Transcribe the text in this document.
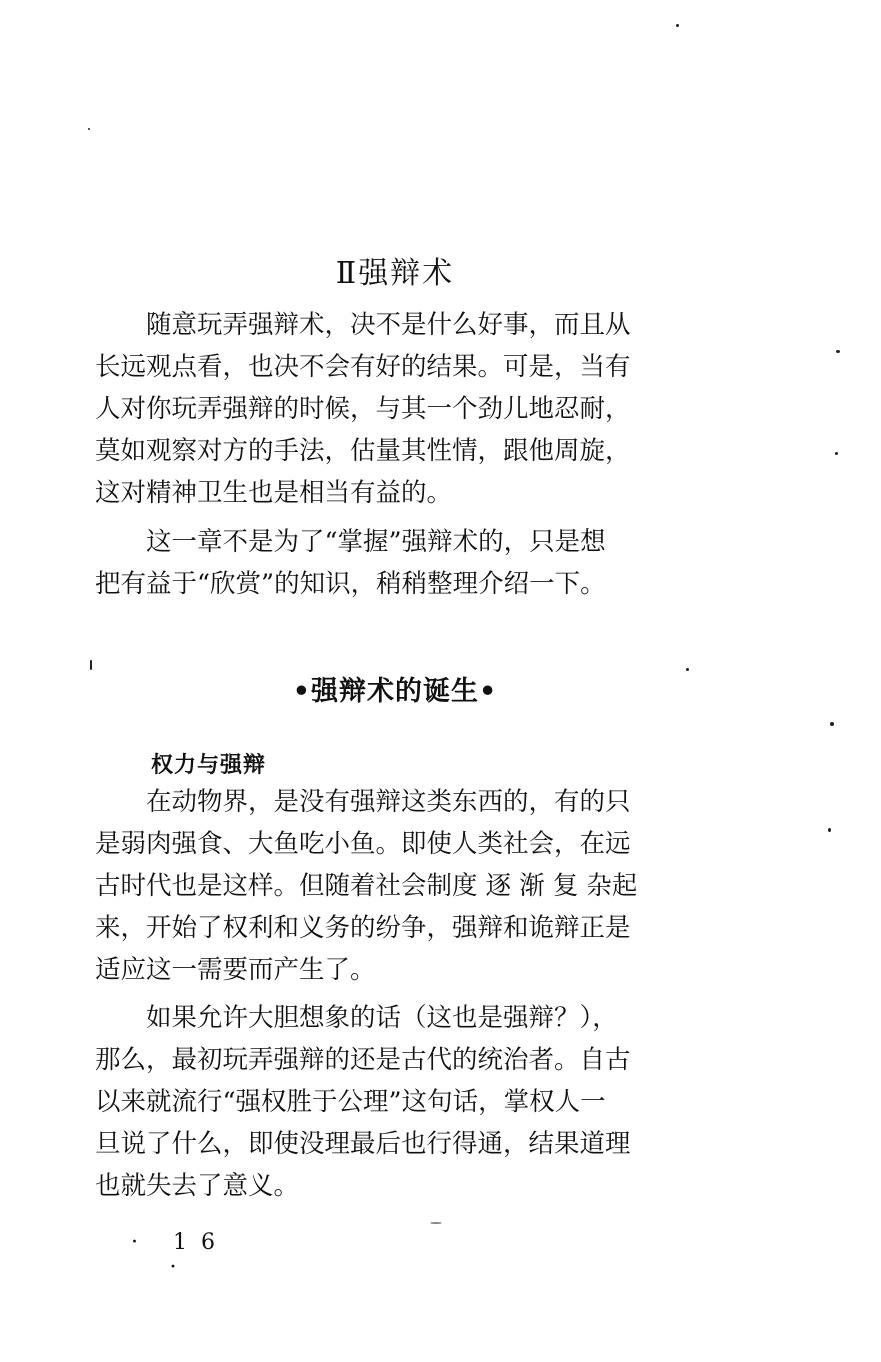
Ⅱ强辩术

　　随意玩弄强辩术，决不是什么好事，而且从
长远观点看，也决不会有好的结果。可是，当有
人对你玩弄强辩的时候，与其一个劲儿地忍耐，
莫如观察对方的手法，估量其性情，跟他周旋，
这对精神卫生也是相当有益的。

　　这一章不是为了“掌握”强辩术的，只是想
把有益于“欣赏”的知识，稍稍整理介绍一下。

•强辩术的诞生•
权力与强辩

　　在动物界，是没有强辩这类东西的，有的只
是弱肉强食、大鱼吃小鱼。即使人类社会，在远
古时代也是这样。但随着社会制度 逐 渐 复 杂起
来，开始了权利和义务的纷争，强辩和诡辩正是
适应这一需要而产生了。

　　如果允许大胆想象的话（这也是强辩？），
那么，最初玩弄强辩的还是古代的统治者。自古
以来就流行“强权胜于公理”这句话，掌权人一
旦说了什么，即使没理最后也行得通，结果道理
也就失去了意义。

· 16 ·
